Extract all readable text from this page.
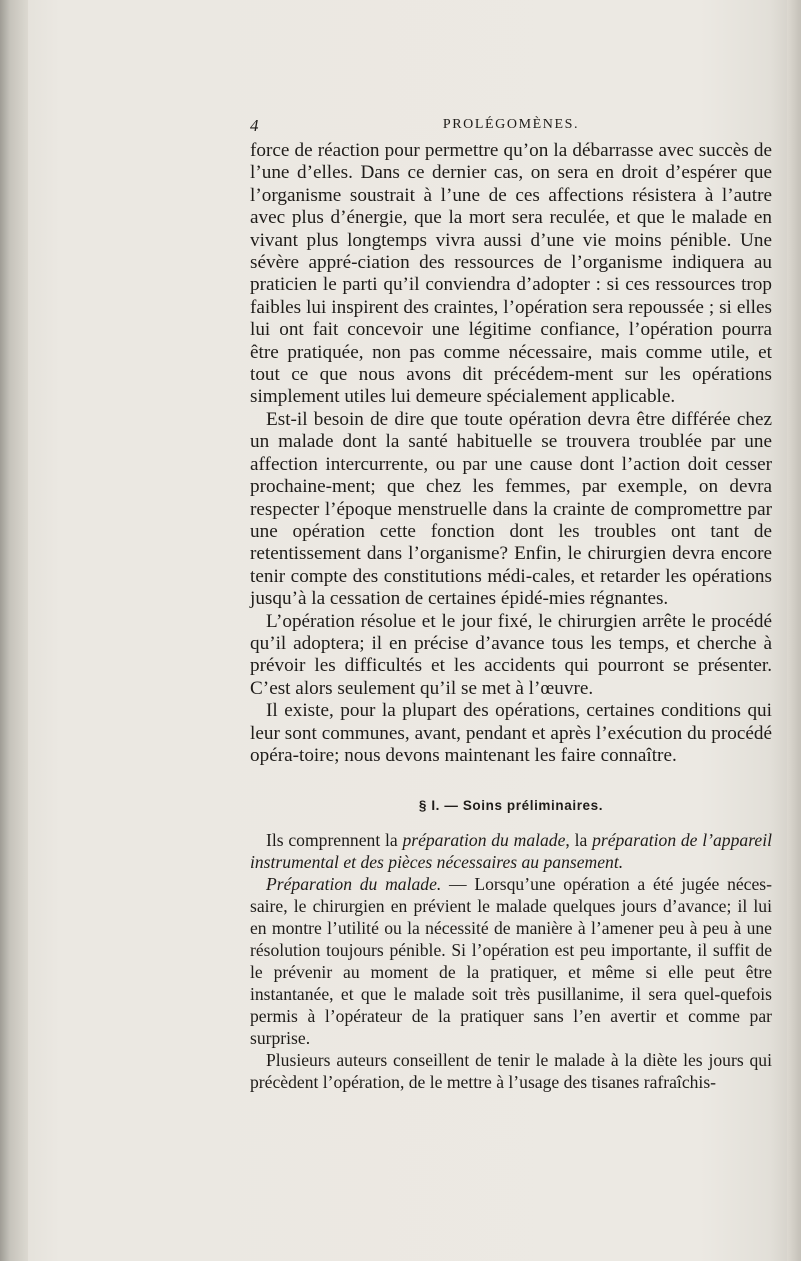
4	PROLÉGOMÈNES.

force de réaction pour permettre qu’on la débarrasse avec succès de l’une d’elles. Dans ce dernier cas, on sera en droit d’espérer que l’organisme soustrait à l’une de ces affections résistera à l’autre avec plus d’énergie, que la mort sera reculée, et que le malade en vivant plus longtemps vivra aussi d’une vie moins pénible. Une sévère appré-ciation des ressources de l’organisme indiquera au praticien le parti qu’il conviendra d’adopter : si ces ressources trop faibles lui inspirent des craintes, l’opération sera repoussée ; si elles lui ont fait concevoir une légitime confiance, l’opération pourra être pratiquée, non pas comme nécessaire, mais comme utile, et tout ce que nous avons dit précédem-ment sur les opérations simplement utiles lui demeure spécialement applicable.

Est-il besoin de dire que toute opération devra être différée chez un malade dont la santé habituelle se trouvera troublée par une affection intercurrente, ou par une cause dont l’action doit cesser prochaine-ment; que chez les femmes, par exemple, on devra respecter l’époque menstruelle dans la crainte de compromettre par une opération cette fonction dont les troubles ont tant de retentissement dans l’organisme? Enfin, le chirurgien devra encore tenir compte des constitutions médi-cales, et retarder les opérations jusqu’à la cessation de certaines épidé-mies régnantes.

L’opération résolue et le jour fixé, le chirurgien arrête le procédé qu’il adoptera; il en précise d’avance tous les temps, et cherche à prévoir les difficultés et les accidents qui pourront se présenter. C’est alors seulement qu’il se met à l’œuvre.

Il existe, pour la plupart des opérations, certaines conditions qui leur sont communes, avant, pendant et après l’exécution du procédé opéra-toire; nous devons maintenant les faire connaître.

§ I. — Soins préliminaires.

Ils comprennent la préparation du malade, la préparation de l’appareil instrumental et des pièces nécessaires au pansement.

Préparation du malade. — Lorsqu’une opération a été jugée néces-saire, le chirurgien en prévient le malade quelques jours d’avance; il lui en montre l’utilité ou la nécessité de manière à l’amener peu à peu à une résolution toujours pénible. Si l’opération est peu importante, il suffit de le prévenir au moment de la pratiquer, et même si elle peut être instantanée, et que le malade soit très pusillanime, il sera quel-quefois permis à l’opérateur de la pratiquer sans l’en avertir et comme par surprise.

Plusieurs auteurs conseillent de tenir le malade à la diète les jours qui précèdent l’opération, de le mettre à l’usage des tisanes rafraîchis-
